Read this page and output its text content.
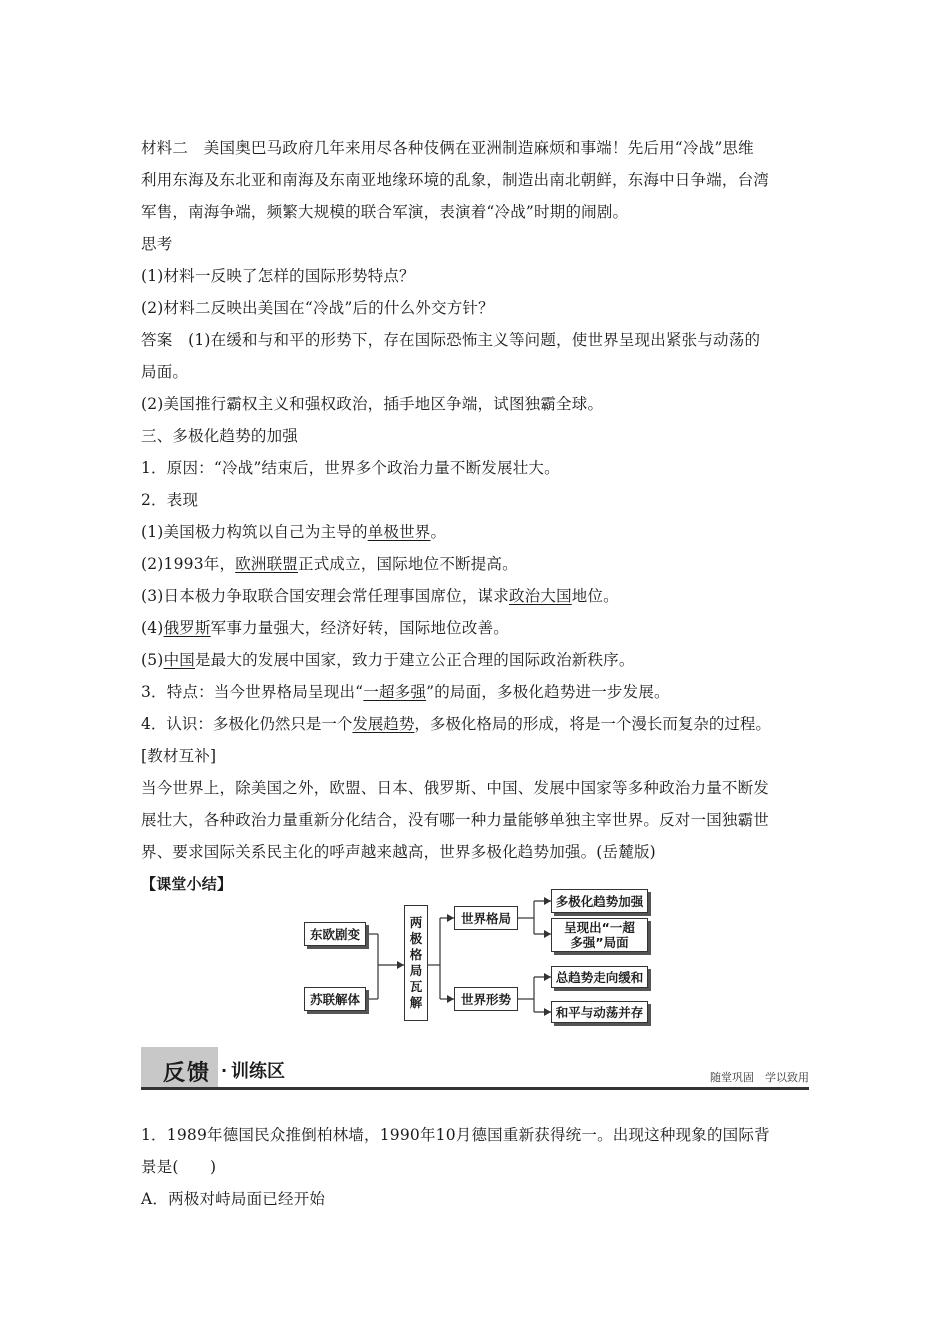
材料二　美国奥巴马政府几年来用尽各种伎俩在亚洲制造麻烦和事端！先后用“冷战”思维
利用东海及东北亚和南海及东南亚地缘环境的乱象，制造出南北朝鲜，东海中日争端，台湾
军售，南海争端，频繁大规模的联合军演，表演着“冷战”时期的闹剧。
思考
(1)材料一反映了怎样的国际形势特点？
(2)材料二反映出美国在“冷战”后的什么外交方针？
答案　(1)在缓和与和平的形势下，存在国际恐怖主义等问题，使世界呈现出紧张与动荡的
局面。
(2)美国推行霸权主义和强权政治，插手地区争端，试图独霸全球。
三、多极化趋势的加强
1．原因：“冷战”结束后，世界多个政治力量不断发展壮大。
2．表现
(1)美国极力构筑以自己为主导的单极世界。
(2)1993年，欧洲联盟正式成立，国际地位不断提高。
(3)日本极力争取联合国安理会常任理事国席位，谋求政治大国地位。
(4)俄罗斯军事力量强大，经济好转，国际地位改善。
(5)中国是最大的发展中国家，致力于建立公正合理的国际政治新秩序。
3．特点：当今世界格局呈现出“一超多强”的局面，多极化趋势进一步发展。
4．认识：多极化仍然只是一个发展趋势，多极化格局的形成，将是一个漫长而复杂的过程。
[教材互补]
当今世界上，除美国之外，欧盟、日本、俄罗斯、中国、发展中国家等多种政治力量不断发
展壮大，各种政治力量重新分化结合，没有哪一种力量能够单独主宰世界。反对一国独霸世
界、要求国际关系民主化的呼声越来越高，世界多极化趋势加强。(岳麓版)
【课堂小结】
东欧剧变
苏联解体
两极格局瓦解
世界格局
世界形势
多极化趋势加强
呈现出“一超多强”局面
总趋势走向缓和
和平与动荡并存
反馈 · 训练区	随堂巩固　学以致用
1．1989年德国民众推倒柏林墙，1990年10月德国重新获得统一。出现这种现象的国际背
景是(　　)
A．两极对峙局面已经开始
